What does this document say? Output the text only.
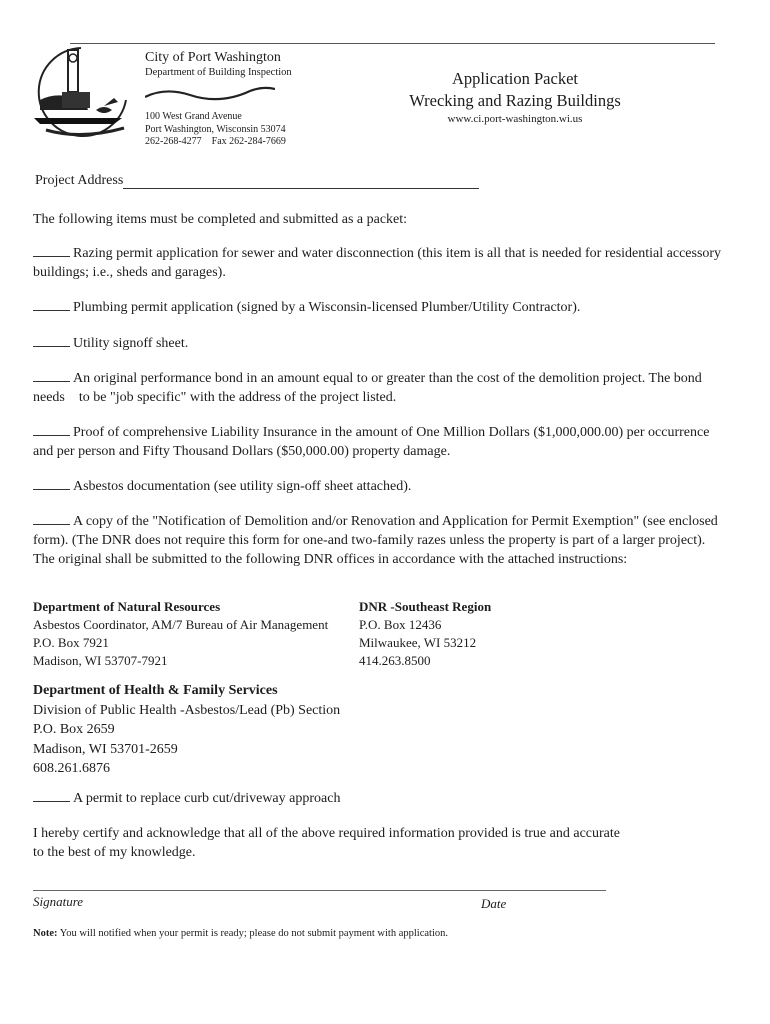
City of Port Washington
Department of Building Inspection
100 West Grand Avenue
Port Washington, Wisconsin 53074
262-268-4277 Fax 262-284-7669
Application Packet
Wrecking and Razing Buildings
www.ci.port-washington.wi.us
Project Address
The following items must be completed and submitted as a packet:
Razing permit application for sewer and water disconnection (this item is all that is needed for residential accessory buildings; i.e., sheds and garages).
Plumbing permit application (signed by a Wisconsin-licensed Plumber/Utility Contractor).
Utility signoff sheet.
An original performance bond in an amount equal to or greater than the cost of the demolition project. The bond needs    to be "job specific" with the address of the project listed.
Proof of comprehensive Liability Insurance in the amount of One Million Dollars ($1,000,000.00) per occurrence and per person and Fifty Thousand Dollars ($50,000.00) property damage.
Asbestos documentation (see utility sign-off sheet attached).
A copy of the "Notification of Demolition and/or Renovation and Application for Permit Exemption" (see enclosed form). (The DNR does not require this form for one-and two-family razes unless the property is part of a larger project). The original shall be submitted to the following DNR offices in accordance with the attached instructions:
Department of Natural Resources
Asbestos Coordinator, AM/7 Bureau of Air Management
P.O. Box 7921
Madison, WI 53707-7921
DNR -Southeast Region
P.O. Box 12436
Milwaukee, WI 53212
414.263.8500
Department of Health & Family Services
Division of Public Health -Asbestos/Lead (Pb) Section
P.O. Box 2659
Madison, WI 53701-2659
608.261.6876
A permit to replace curb cut/driveway approach
I hereby certify and acknowledge that all of the above required information provided is true and accurate to the best of my knowledge.
Signature	Date
Note: You will notified when your permit is ready; please do not submit payment with application.
